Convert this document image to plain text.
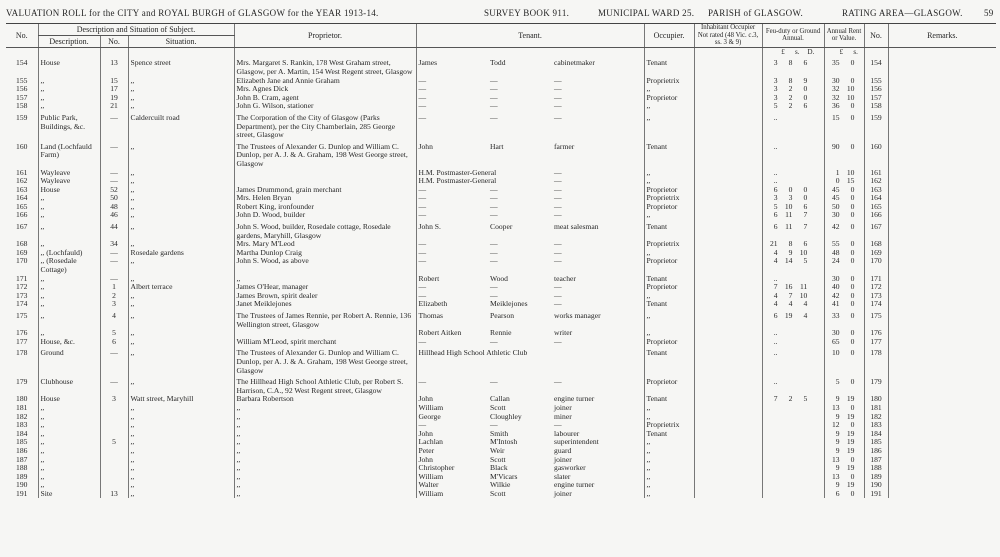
VALUATION ROLL for the CITY and ROYAL BURGH of GLASGOW for the YEAR 1913-14.	SURVEY BOOK 911.	MUNICIPAL WARD 25. PARISH of GLASGOW.	RATING AREA—GLASGOW. 59
No.	Description and Situation of Subject.			Proprietor.	Tenant.			Occupier.	Inhabitant Occupier Not rated (48 Vic. c.3, ss. 3 & 9)	Feu-duty or Ground Annual.	Annual Rent or Value.	No.	Remarks.
	Description.	No.	Situation.										
										£ s. D.	£ s.		
154	House	13	Spence street	Mrs. Margaret S. Rankin, 178 West Graham street, Glasgow, per A. Martin, 154 West Regent street, Glasgow	James	Todd	cabinetmaker	Tenant		3 8 6	35 0	154	
155	,,	15	,,	Elizabeth Jane and Annie Graham	—	—	—	Proprietrix		3 8 9	30 0	155	
156	,,	17	,,	Mrs. Agnes Dick	—	—	—	,,		3 2 0	32 10	156	
157	,,	19	,,	John B. Cram, agent	—	—	—	Proprietor		3 2 0	32 10	157	
158	,,	21	,,	John G. Wilson, stationer	—	—	—	,,		5 2 6	36 0	158	
159	Public Park, Buildings, &c.	—	Caldercuilt road	The Corporation of the City of Glasgow (Parks Department), per the City Chamberlain, 285 George street, Glasgow	—	—	—	,,		..	15 0	159	
160	Land (Lochfauld Farm)	—	,,	The Trustees of Alexander G. Dunlop and William C. Dunlop, per A. J. & A. Graham, 198 West George street, Glasgow	John	Hart	farmer	Tenant		..	90 0	160	
161	Wayleave	—	,,		H.M. Postmaster-General		—	,,		..	1 10	161	
162	Wayleave	—	,,		H.M. Postmaster-General		—	,,		..	0 15	162	
163	House	52	,,	James Drummond, grain merchant	—	—	—	Proprietor		6 0 0	45 0	163	
164	,,	50	,,	Mrs. Helen Bryan	—	—	—	Proprietrix		3 3 0	45 0	164	
165	,,	48	,,	Robert King, ironfounder	—	—	—	Proprietor		5 10 6	50 0	165	
166	,,	46	,,	John D. Wood, builder	—	—	—	,,		6 11 7	30 0	166	
167	,,	44	,,	John S. Wood, builder, Rosedale cottage, Rosedale gardens, Maryhill, Glasgow	John S.	Cooper	meat salesman	Tenant		6 11 7	42 0	167	
168	,,	34	,,	Mrs. Mary M'Leod	—	—	—	Proprietrix		21 8 6	55 0	168	
169	,, (Lochfauld)	—	Rosedale gardens	Martha Dunlop Craig	—	—	—	,,		4 9 10	48 0	169	
170	,, (Rosedale Cottage)	—	,,	John S. Wood, as above	—	—	—	Proprietor		4 14 5	24 0	170	
171	,,	—	,,	,,	Robert	Wood	teacher	Tenant		..	30 0	171	
172	,,	1	Albert terrace	James O'Hear, manager	—	—	—	Proprietor		7 16 11	40 0	172	
173	,,	2	,,	James Brown, spirit dealer	—	—	—	,,		4 7 10	42 0	173	
174	,,	3	,,	Janet Meiklejones	Elizabeth	Meiklejones	—	Tenant		4 4 4	41 0	174	
175	,,	4	,,	The Trustees of James Rennie, per Robert A. Rennie, 136 Wellington street, Glasgow	Thomas	Pearson	works manager	,,		6 19 4	33 0	175	
176	,,	5	,,		Robert Aitken	Rennie	writer	,,		..	30 0	176	
177	House, &c.	6	,,	William M'Leod, spirit merchant	—	—	—	Proprietor		..	65 0	177	
178	Ground	—	,,	The Trustees of Alexander G. Dunlop and William C. Dunlop, per A. J. & A. Graham, 198 West George street, Glasgow	Hillhead High School Athletic Club			Tenant		..	10 0	178	
179	Clubhouse	—	,,	The Hillhead High School Athletic Club, per Robert S. Harrison, C.A., 92 West Regent street, Glasgow	—	—	—	Proprietor		..	5 0	179	
180	House	3	Watt street, Maryhill	Barbara Robertson	John	Callan	engine turner	Tenant		7 2 5	9 19	180	
181	,,		,,	,,	William	Scott	joiner	,,			13 0	181	
182	,,		,,	,,	George	Cloughley	miner	,,			9 19	182	
183	,,		,,	,,	—	—	—	Proprietrix			12 0	183	
184	,,		,,	,,	John	Smith	labourer	Tenant			9 19	184	
185	,,	5	,,	,,	Lachlan	M'Intosh	superintendent	,,			9 19	185	
186	,,		,,	,,	Peter	Weir	guard	,,			9 19	186	
187	,,		,,	,,	John	Scott	joiner	,,			13 0	187	
188	,,		,,	,,	Christopher	Black	gasworker	,,			9 19	188	
189	,,		,,	,,	William	M'Vicars	slater	,,			13 0	189	
190	,,		,,	,,	Walter	Wilkie	engine turner	,,			9 19	190	
191	Site	13	,,	,,	William	Scott	joiner	,,			6 0	191	
